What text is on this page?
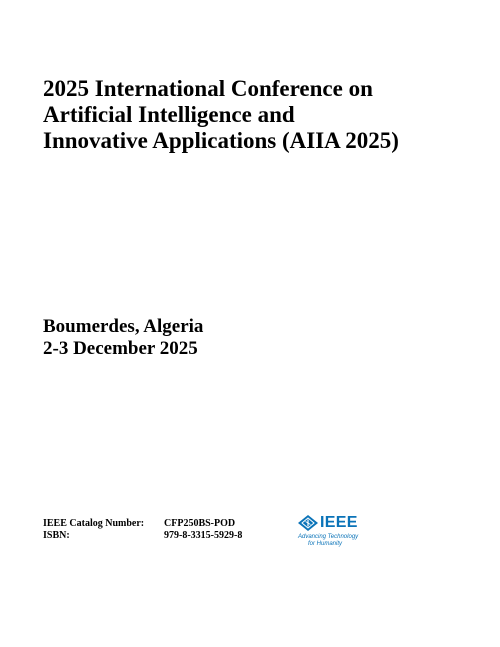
2025 International Conference on
Artificial Intelligence and
Innovative Applications (AIIA 2025)
Boumerdes, Algeria
2-3 December 2025
IEEE Catalog Number:	CFP250BS-POD
ISBN:	979-8-3315-5929-8
IEEE
Advancing Technology
for Humanity
